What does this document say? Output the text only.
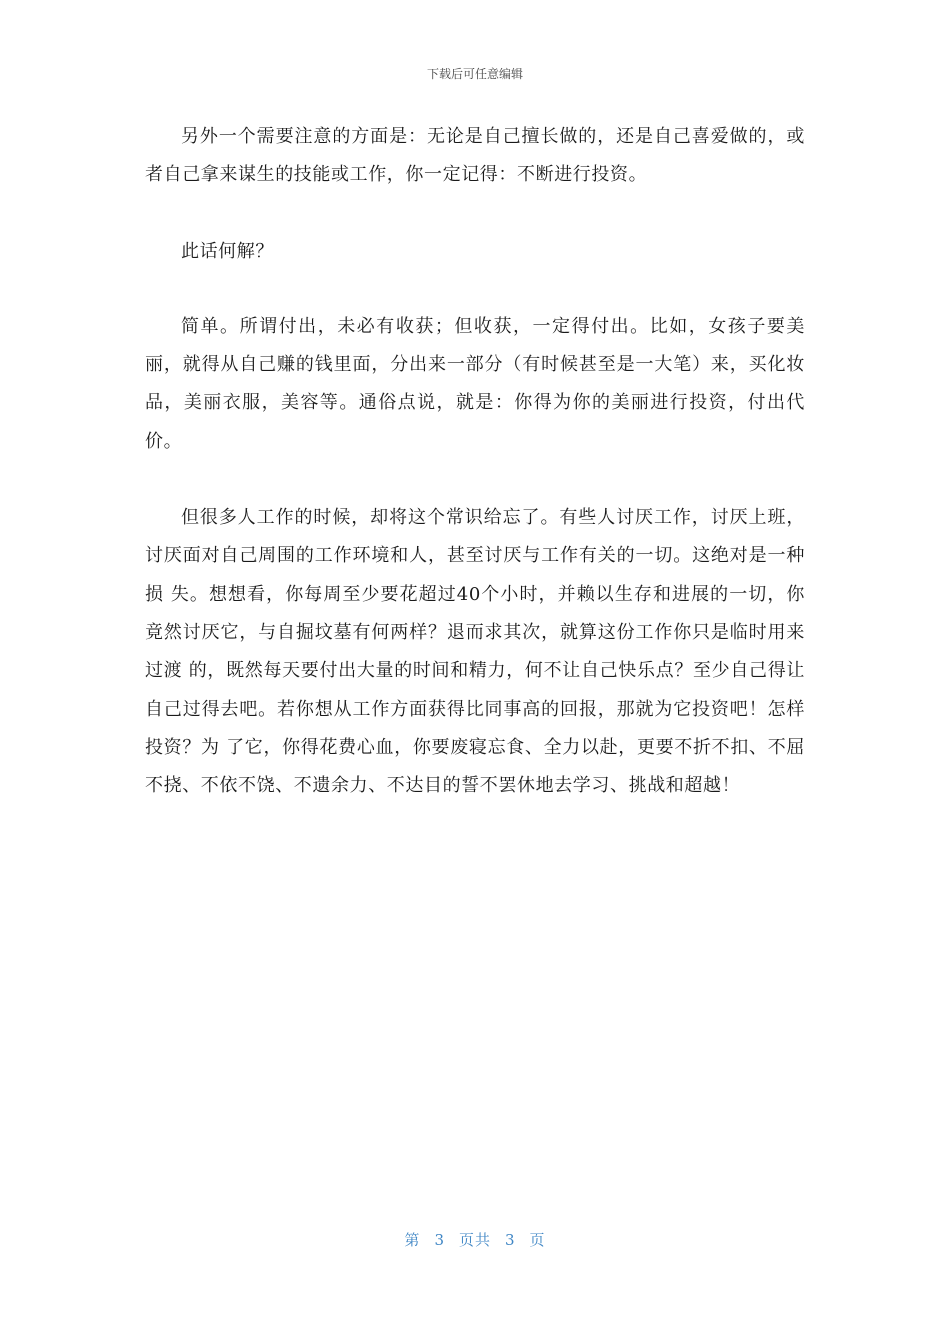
下载后可任意编辑

另外一个需要注意的方面是：无论是自己擅长做的，还是自己喜爱做的，或者自己拿来谋生的技能或工作，你一定记得：不断进行投资。

此话何解？

简单。所谓付出，未必有收获；但收获，一定得付出。比如，女孩子要美丽，就得从自己赚的钱里面，分出来一部分（有时候甚至是一大笔）来，买化妆品，美丽衣服，美容等。通俗点说，就是：你得为你的美丽进行投资，付出代价。

但很多人工作的时候，却将这个常识给忘了。有些人讨厌工作，讨厌上班，讨厌面对自己周围的工作环境和人，甚至讨厌与工作有关的一切。这绝对是一种损 失。想想看，你每周至少要花超过40个小时，并赖以生存和进展的一切，你竟然讨厌它，与自掘坟墓有何两样？退而求其次，就算这份工作你只是临时用来过渡 的，既然每天要付出大量的时间和精力，何不让自己快乐点？至少自己得让自己过得去吧。若你想从工作方面获得比同事高的回报，那就为它投资吧！怎样投资？为 了它，你得花费心血，你要废寝忘食、全力以赴，更要不折不扣、不屈不挠、不依不饶、不遗余力、不达目的誓不罢休地去学习、挑战和超越！

第 3 页共 3 页
